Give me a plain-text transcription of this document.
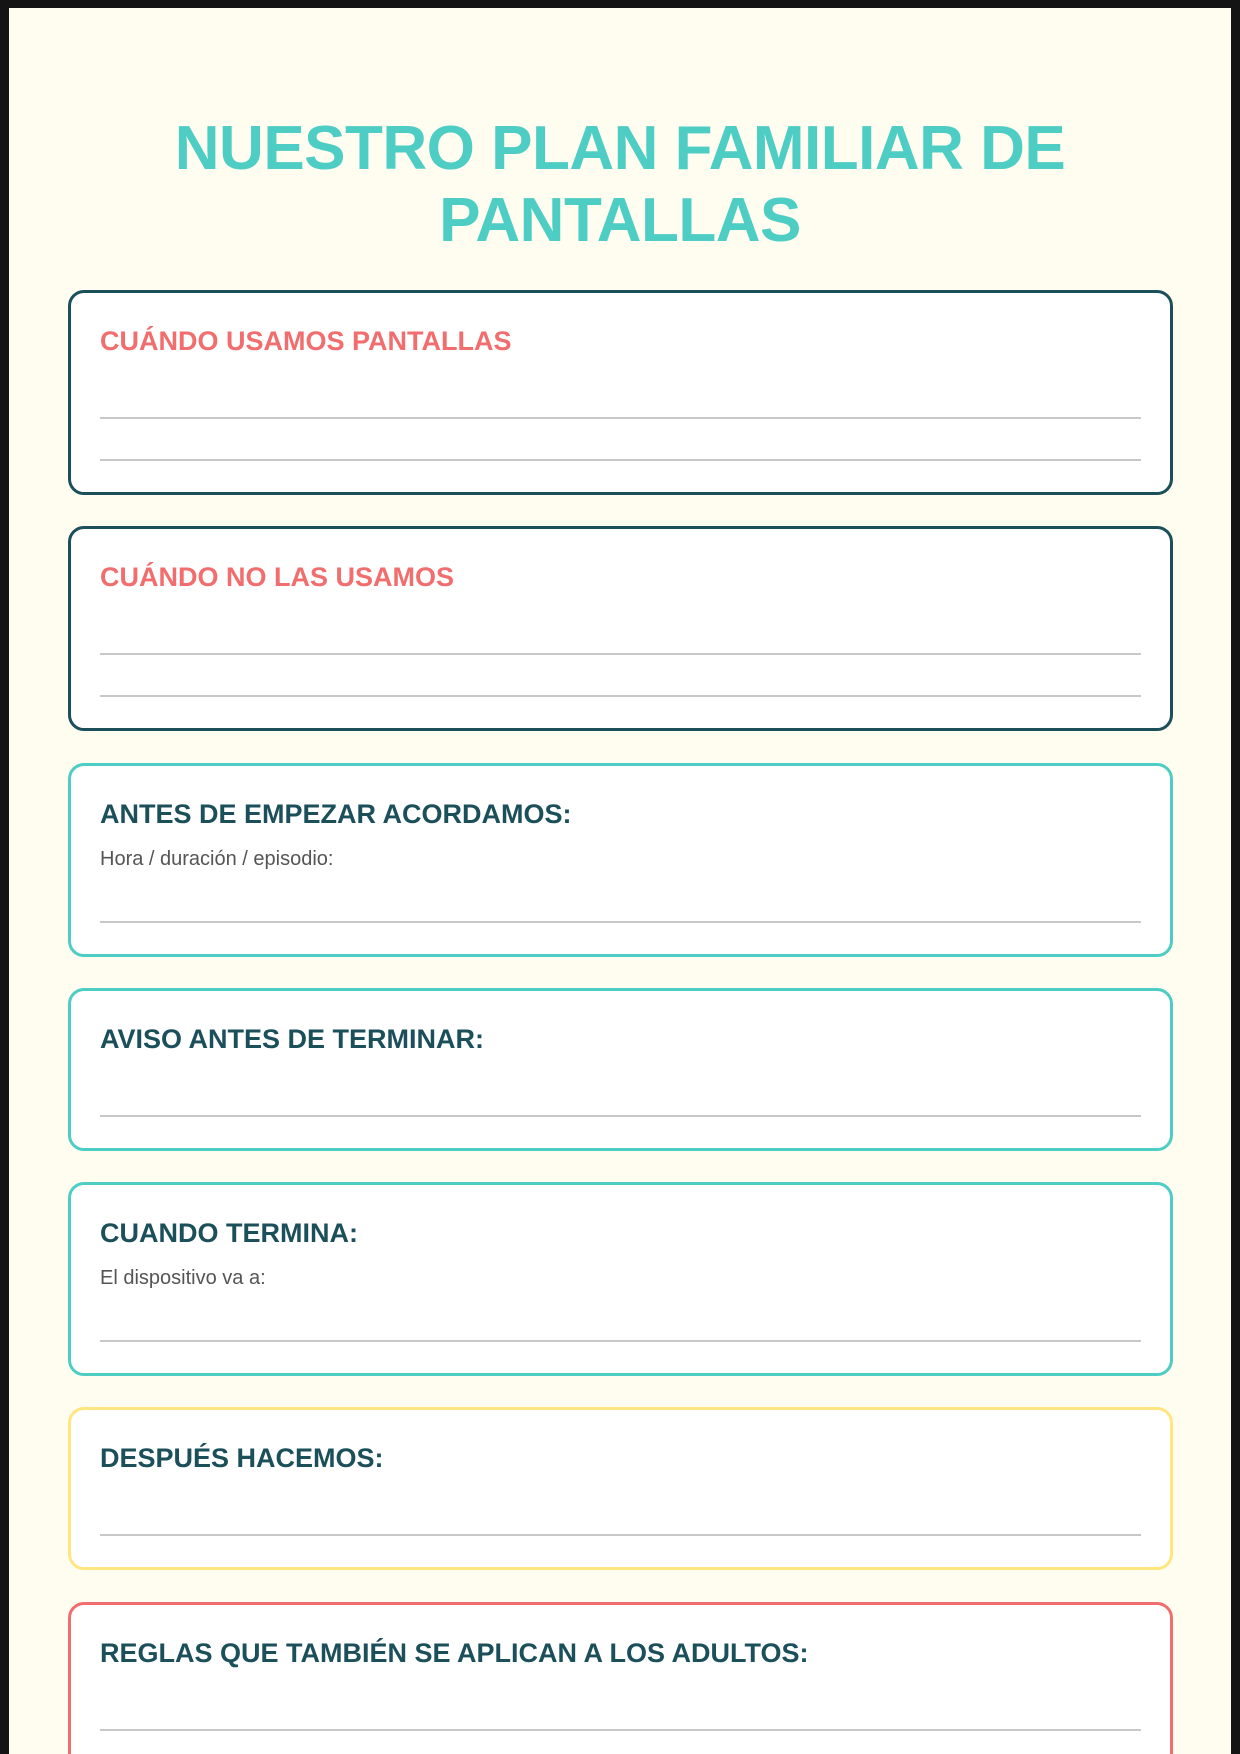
NUESTRO PLAN FAMILIAR DE PANTALLAS
CUÁNDO USAMOS PANTALLAS
CUÁNDO NO LAS USAMOS
ANTES DE EMPEZAR ACORDAMOS:
Hora / duración / episodio:
AVISO ANTES DE TERMINAR:
CUANDO TERMINA:
El dispositivo va a:
DESPUÉS HACEMOS:
REGLAS QUE TAMBIÉN SE APLICAN A LOS ADULTOS:
